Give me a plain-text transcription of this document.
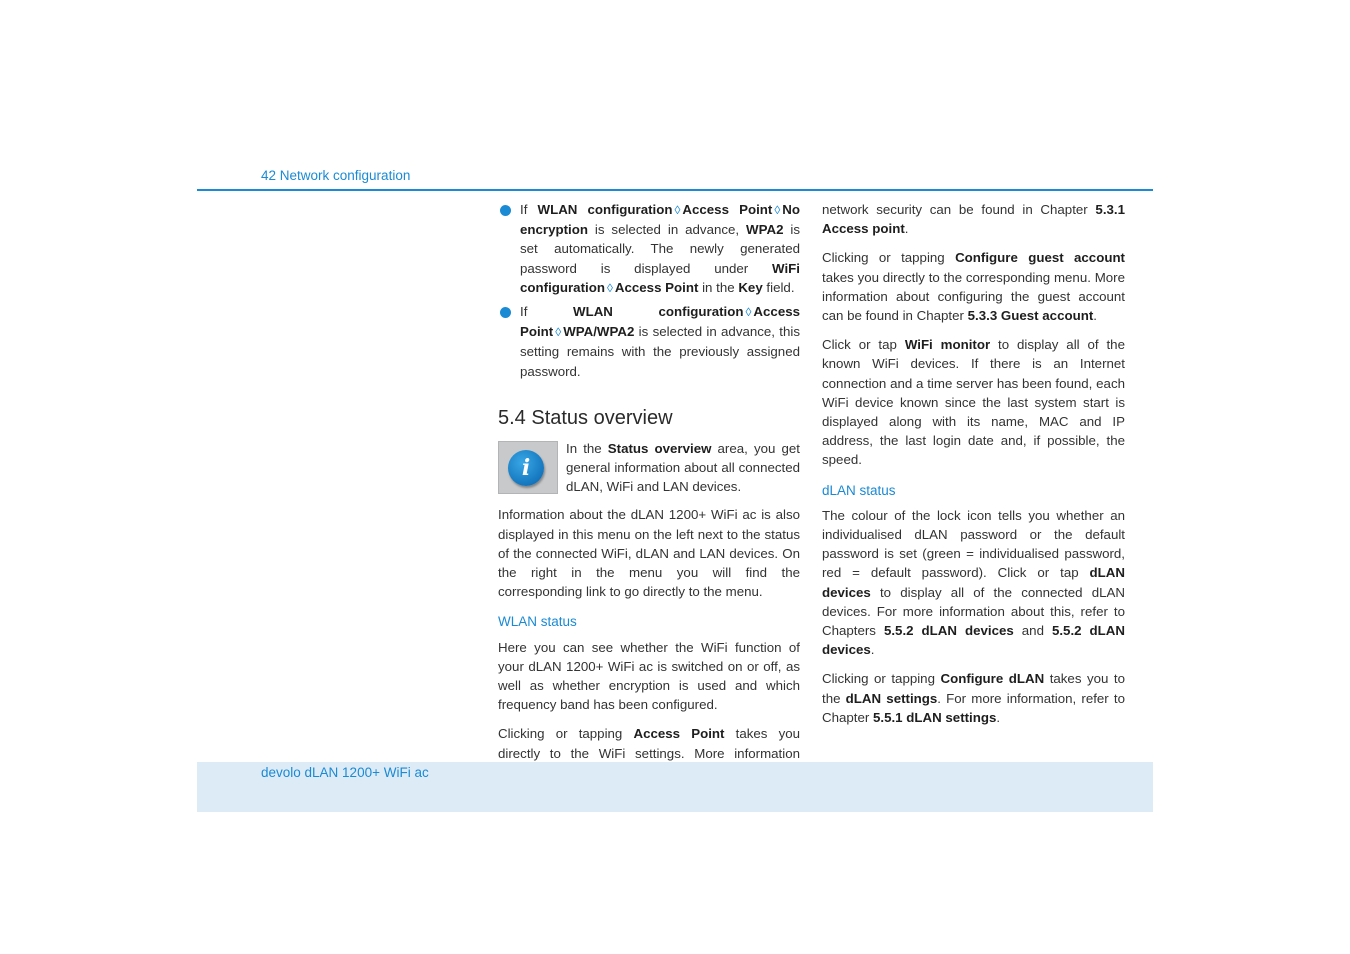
42 Network configuration

If WLAN configuration ◊ Access Point ◊ No encryption is selected in advance, WPA2 is set automatically. The newly generated password is displayed under WiFi configuration ◊ Access Point in the Key field.

If WLAN configuration ◊ Access Point ◊ WPA/WPA2 is selected in advance, this setting remains with the previously assigned password.

5.4 Status overview
i

In the Status overview area, you get general information about all connected dLAN, WiFi and LAN devices.

Information about the dLAN 1200+ WiFi ac is also displayed in this menu on the left next to the status of the connected WiFi, dLAN and LAN devices. On the right in the menu you will find the corresponding link to go directly to the menu.

WLAN status

Here you can see whether the WiFi function of your dLAN 1200+ WiFi ac is switched on or off, as well as whether encryption is used and which frequency band has been configured.

Clicking or tapping Access Point takes you directly to the WiFi settings. More information

network security can be found in Chapter 5.3.1 Access point.

Clicking or tapping Configure guest account takes you directly to the corresponding menu. More information about configuring the guest account can be found in Chapter 5.3.3 Guest account.

Click or tap WiFi monitor to display all of the known WiFi devices. If there is an Internet connection and a time server has been found, each WiFi device known since the last system start is displayed along with its name, MAC and IP address, the last login date and, if possible, the speed.

dLAN status

The colour of the lock icon tells you whether an individualised dLAN password or the default password is set (green = individualised password, red = default password). Click or tap dLAN devices to display all of the connected dLAN devices. For more information about this, refer to Chapters 5.5.2 dLAN devices and 5.5.2 dLAN devices.

Clicking or tapping Configure dLAN takes you to the dLAN settings. For more information, refer to Chapter 5.5.1 dLAN settings.

devolo dLAN 1200+ WiFi ac
